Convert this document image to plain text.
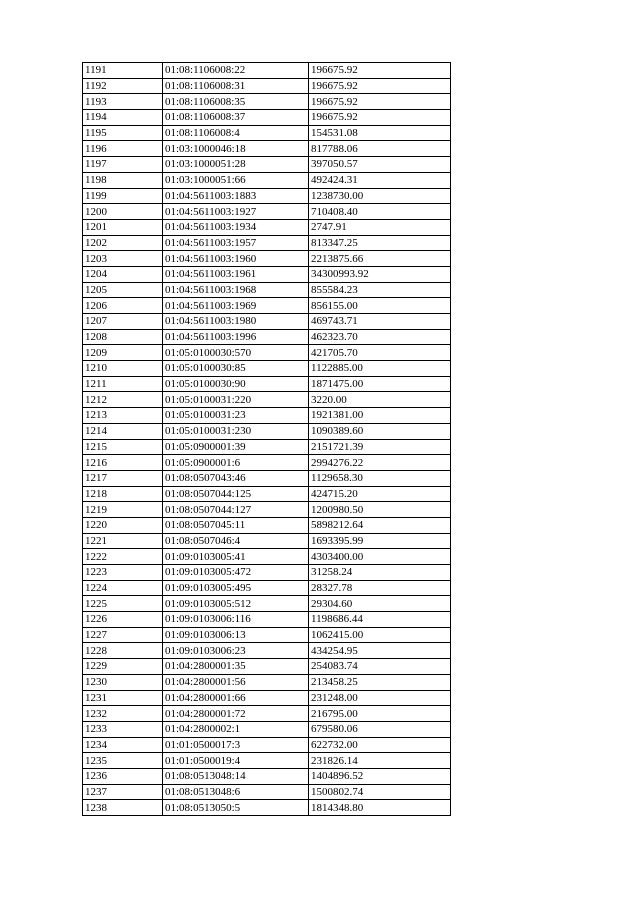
1191	01:08:1106008:22	196675.92
1192	01:08:1106008:31	196675.92
1193	01:08:1106008:35	196675.92
1194	01:08:1106008:37	196675.92
1195	01:08:1106008:4	154531.08
1196	01:03:1000046:18	817788.06
1197	01:03:1000051:28	397050.57
1198	01:03:1000051:66	492424.31
1199	01:04:5611003:1883	1238730.00
1200	01:04:5611003:1927	710408.40
1201	01:04:5611003:1934	2747.91
1202	01:04:5611003:1957	813347.25
1203	01:04:5611003:1960	2213875.66
1204	01:04:5611003:1961	34300993.92
1205	01:04:5611003:1968	855584.23
1206	01:04:5611003:1969	856155.00
1207	01:04:5611003:1980	469743.71
1208	01:04:5611003:1996	462323.70
1209	01:05:0100030:570	421705.70
1210	01:05:0100030:85	1122885.00
1211	01:05:0100030:90	1871475.00
1212	01:05:0100031:220	3220.00
1213	01:05:0100031:23	1921381.00
1214	01:05:0100031:230	1090389.60
1215	01:05:0900001:39	2151721.39
1216	01:05:0900001:6	2994276.22
1217	01:08:0507043:46	1129658.30
1218	01:08:0507044:125	424715.20
1219	01:08:0507044:127	1200980.50
1220	01:08:0507045:11	5898212.64
1221	01:08:0507046:4	1693395.99
1222	01:09:0103005:41	4303400.00
1223	01:09:0103005:472	31258.24
1224	01:09:0103005:495	28327.78
1225	01:09:0103005:512	29304.60
1226	01:09:0103006:116	1198686.44
1227	01:09:0103006:13	1062415.00
1228	01:09:0103006:23	434254.95
1229	01:04:2800001:35	254083.74
1230	01:04:2800001:56	213458.25
1231	01:04:2800001:66	231248.00
1232	01:04:2800001:72	216795.00
1233	01:04:2800002:1	679580.06
1234	01:01:0500017:3	622732.00
1235	01:01:0500019:4	231826.14
1236	01:08:0513048:14	1404896.52
1237	01:08:0513048:6	1500802.74
1238	01:08:0513050:5	1814348.80
